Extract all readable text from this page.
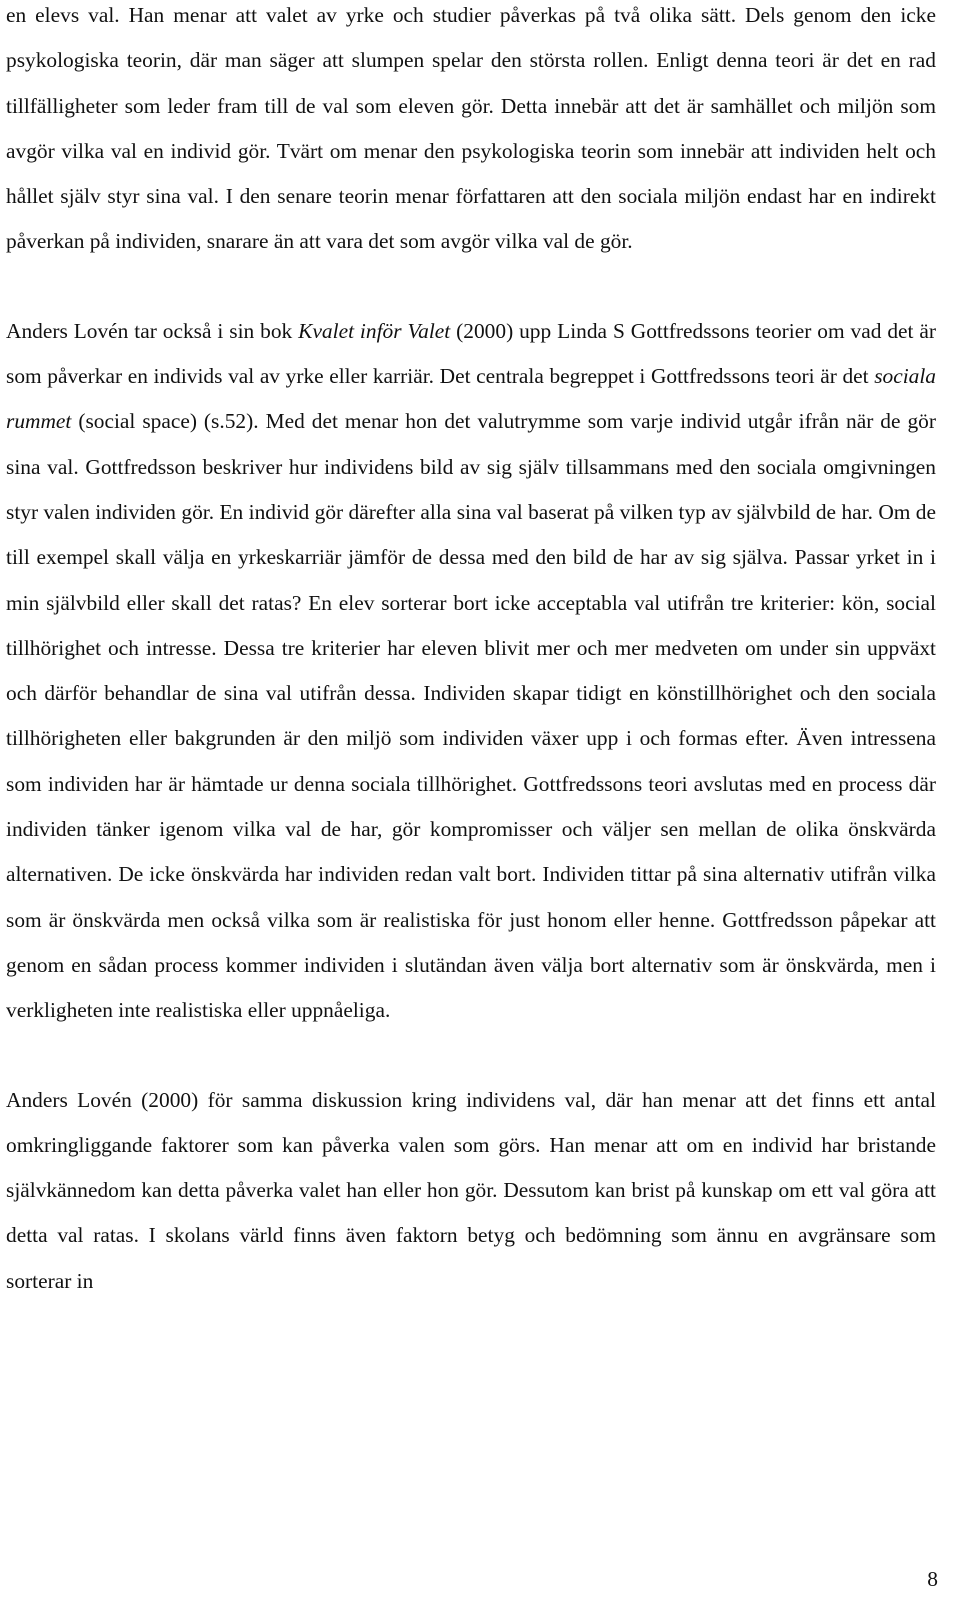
en elevs val. Han menar att valet av yrke och studier påverkas på två olika sätt. Dels genom den icke psykologiska teorin, där man säger att slumpen spelar den största rollen. Enligt denna teori är det en rad tillfälligheter som leder fram till de val som eleven gör. Detta innebär att det är samhället och miljön som avgör vilka val en individ gör. Tvärt om menar den psykologiska teorin som innebär att individen helt och hållet själv styr sina val. I den senare teorin menar författaren att den sociala miljön endast har en indirekt påverkan på individen, snarare än att vara det som avgör vilka val de gör.

Anders Lovén tar också i sin bok Kvalet inför Valet (2000) upp Linda S Gottfredssons teorier om vad det är som påverkar en individs val av yrke eller karriär. Det centrala begreppet i Gottfredssons teori är det sociala rummet (social space) (s.52). Med det menar hon det valutrymme som varje individ utgår ifrån när de gör sina val. Gottfredsson beskriver hur individens bild av sig själv tillsammans med den sociala omgivningen styr valen individen gör. En individ gör därefter alla sina val baserat på vilken typ av självbild de har. Om de till exempel skall välja en yrkeskarriär jämför de dessa med den bild de har av sig själva. Passar yrket in i min självbild eller skall det ratas? En elev sorterar bort icke acceptabla val utifrån tre kriterier: kön, social tillhörighet och intresse. Dessa tre kriterier har eleven blivit mer och mer medveten om under sin uppväxt och därför behandlar de sina val utifrån dessa. Individen skapar tidigt en könstillhörighet och den sociala tillhörigheten eller bakgrunden är den miljö som individen växer upp i och formas efter. Även intressena som individen har är hämtade ur denna sociala tillhörighet. Gottfredssons teori avslutas med en process där individen tänker igenom vilka val de har, gör kompromisser och väljer sen mellan de olika önskvärda alternativen. De icke önskvärda har individen redan valt bort. Individen tittar på sina alternativ utifrån vilka som är önskvärda men också vilka som är realistiska för just honom eller henne. Gottfredsson påpekar att genom en sådan process kommer individen i slutändan även välja bort alternativ som är önskvärda, men i verkligheten inte realistiska eller uppnåeliga.

Anders Lovén (2000) för samma diskussion kring individens val, där han menar att det finns ett antal omkringliggande faktorer som kan påverka valen som görs. Han menar att om en individ har bristande självkännedom kan detta påverka valet han eller hon gör. Dessutom kan brist på kunskap om ett val göra att detta val ratas. I skolans värld finns även faktorn betyg och bedömning som ännu en avgränsare som sorterar in

8
